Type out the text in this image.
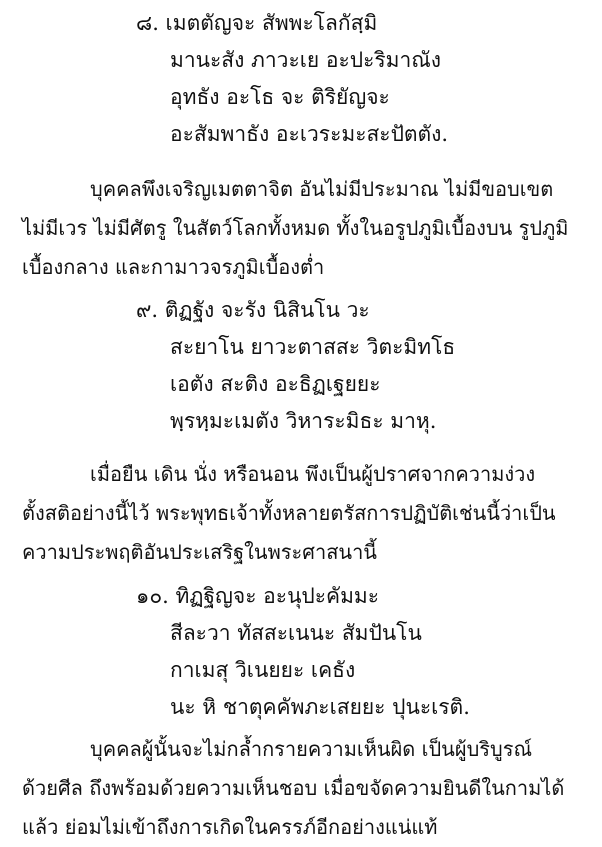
๘. เมตตัญจะ สัพพะโลกัสฺมิ
มานะสัง ภาวะเย อะปะริมาณัง
อุทธัง อะโธ จะ ติริยัญจะ
อะสัมพาธัง อะเวระมะสะปัตตัง.
บุคคลพึงเจริญเมตตาจิต อันไม่มีประมาณ ไม่มีขอบเขต
ไม่มีเวร ไม่มีศัตรู ในสัตว์โลกทั้งหมด ทั้งในอรูปภูมิเบื้องบน รูปภูมิ
เบื้องกลาง และกามาวจรภูมิเบื้องต่ำ
๙. ติฏฐัง จะรัง นิสินโน วะ
สะยาโน ยาวะตาสสะ วิตะมิทโธ
เอตัง สะติง อะธิฏเฐยยะ
พฺรหฺมะเมตัง วิหาระมิธะ มาหุ.
เมื่อยืน เดิน นั่ง หรือนอน พึงเป็นผู้ปราศจากความง่วง
ตั้งสติอย่างนี้ไว้ พระพุทธเจ้าทั้งหลายตรัสการปฏิบัติเช่นนี้ว่าเป็น
ความประพฤติอันประเสริฐในพระศาสนานี้
๑๐. ทิฏฐิญจะ อะนุปะคัมมะ
สีละวา ทัสสะเนนะ สัมปันโน
กาเมสุ วิเนยยะ เคธัง
นะ หิ ชาตุคคัพภะเสยยะ ปุนะเรติ.
บุคคลผู้นั้นจะไม่กล้ำกรายความเห็นผิด เป็นผู้บริบูรณ์
ด้วยศีล ถึงพร้อมด้วยความเห็นชอบ เมื่อขจัดความยินดีในกามได้
แล้ว ย่อมไม่เข้าถึงการเกิดในครรภ์อีกอย่างแน่แท้
